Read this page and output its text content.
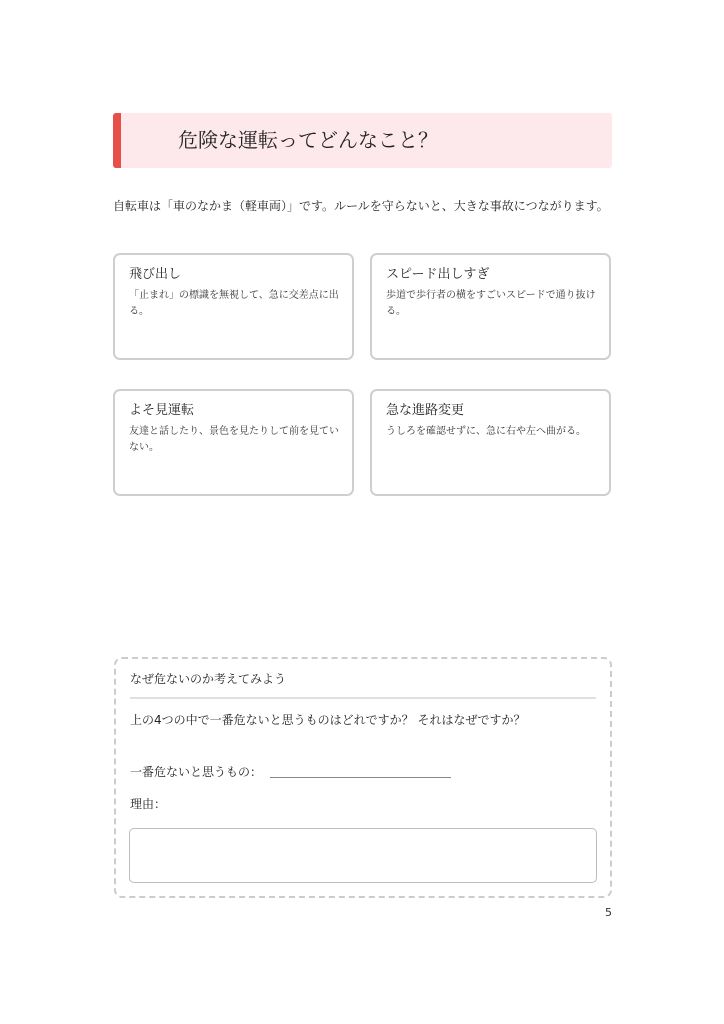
危険な運転ってどんなこと？
自転車は「車のなかま（軽車両）」です。ルールを守らないと、大きな事故につながります。
飛び出し
「止まれ」の標識を無視して、急に交差点に出る。
スピード出しすぎ
歩道で歩行者の横をすごいスピードで通り抜ける。
よそ見運転
友達と話したり、景色を見たりして前を見ていない。
急な進路変更
うしろを確認せずに、急に右や左へ曲がる。
なぜ危ないのか考えてみよう
上の4つの中で一番危ないと思うものはどれですか？ それはなぜですか？
$^{一番危ないと思うもの:}$
理由：
5
